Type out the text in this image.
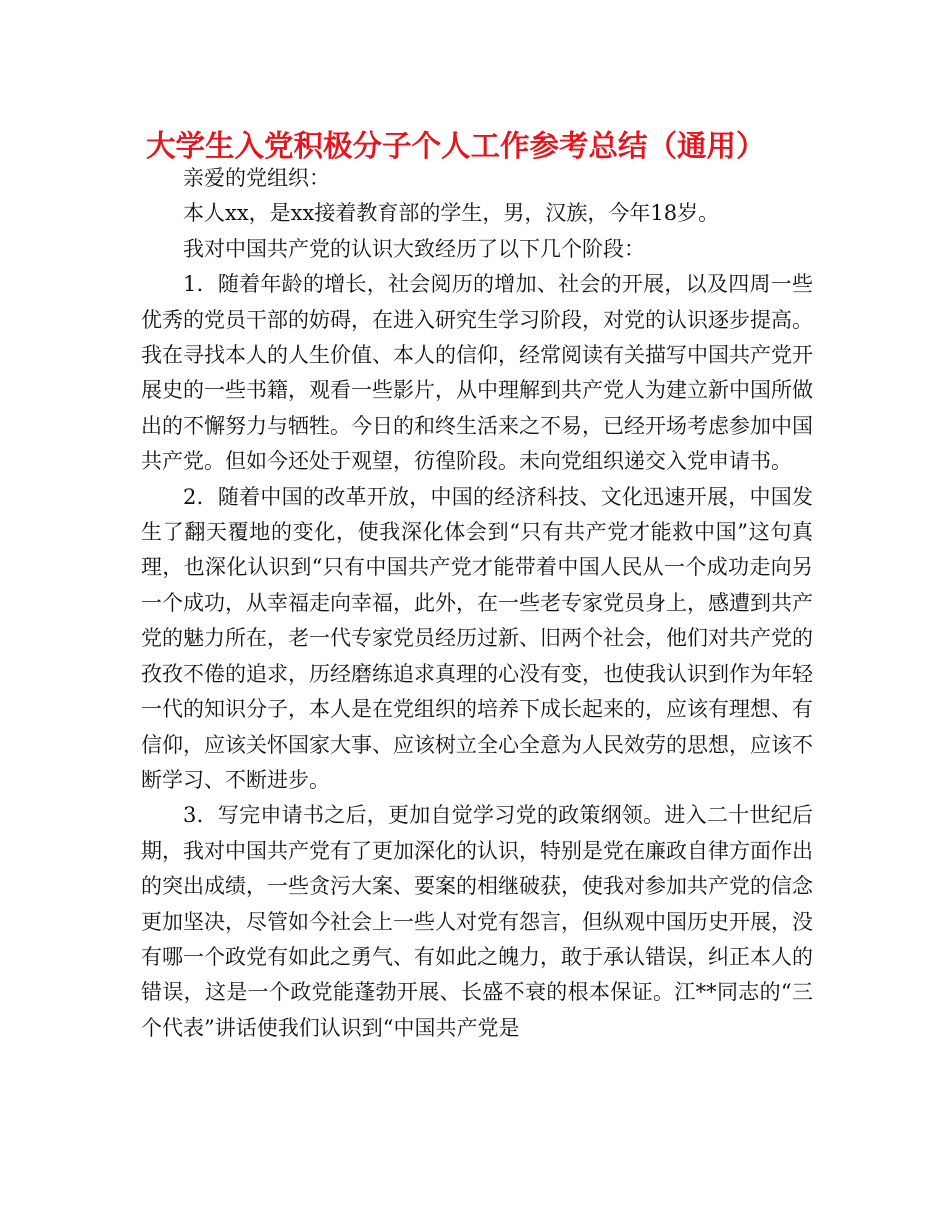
大学生入党积极分子个人工作参考总结（通用）

亲爱的党组织：

本人xx，是xx接着教育部的学生，男，汉族，今年18岁。

我对中国共产党的认识大致经历了以下几个阶段：

1．随着年龄的增长，社会阅历的增加、社会的开展，以及四周一些优秀的党员干部的妨碍，在进入研究生学习阶段，对党的认识逐步提高。我在寻找本人的人生价值、本人的信仰，经常阅读有关描写中国共产党开展史的一些书籍，观看一些影片，从中理解到共产党人为建立新中国所做出的不懈努力与牺牲。今日的和终生活来之不易，已经开场考虑参加中国共产党。但如今还处于观望，彷徨阶段。未向党组织递交入党申请书。

2．随着中国的改革开放，中国的经济科技、文化迅速开展，中国发生了翻天覆地的变化，使我深化体会到“只有共产党才能救中国”这句真理，也深化认识到“只有中国共产党才能带着中国人民从一个成功走向另一个成功，从幸福走向幸福，此外，在一些老专家党员身上，感遭到共产党的魅力所在，老一代专家党员经历过新、旧两个社会，他们对共产党的孜孜不倦的追求，历经磨练追求真理的心没有变，也使我认识到作为年轻一代的知识分子，本人是在党组织的培养下成长起来的，应该有理想、有信仰，应该关怀国家大事、应该树立全心全意为人民效劳的思想，应该不断学习、不断进步。

3．写完申请书之后，更加自觉学习党的政策纲领。进入二十世纪后期，我对中国共产党有了更加深化的认识，特别是党在廉政自律方面作出的突出成绩，一些贪污大案、要案的相继破获，使我对参加共产党的信念更加坚决，尽管如今社会上一些人对党有怨言，但纵观中国历史开展，没有哪一个政党有如此之勇气、有如此之魄力，敢于承认错误，纠正本人的错误，这是一个政党能蓬勃开展、长盛不衰的根本保证。江**同志的“三个代表”讲话使我们认识到“中国共产党是
